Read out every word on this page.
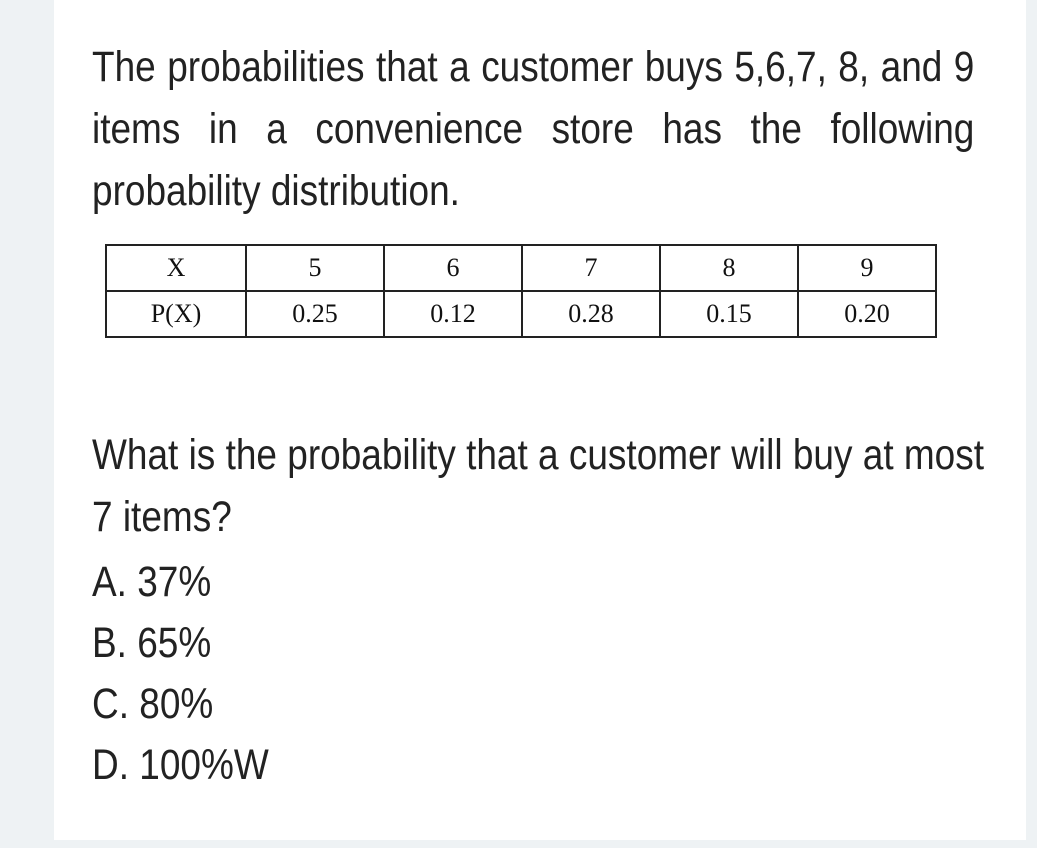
The probabilities that a customer buys 5,6,7, 8, and 9 items in a convenience store has the following probability distribution.
X	5	6	7	8	9
P(X)	0.25	0.12	0.28	0.15	0.20
What is the probability that a customer will buy at most 7 items?
A. 37%
B. 65%
C. 80%
D. 100%W
